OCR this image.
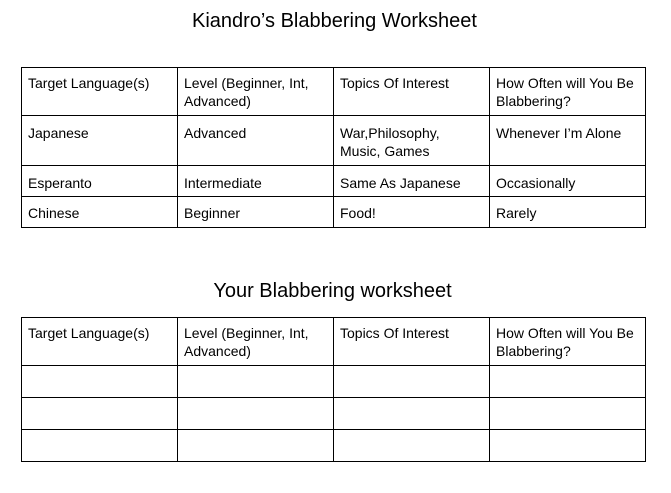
Kiandro’s Blabbering Worksheet
Target Language(s)	Level (Beginner, Int, Advanced)	Topics Of Interest	How Often will You Be Blabbering?
Japanese	Advanced	War,Philosophy, Music, Games	Whenever I’m Alone
Esperanto	Intermediate	Same As Japanese	Occasionally
Chinese	Beginner	Food!	Rarely
Your Blabbering worksheet
Target Language(s)	Level (Beginner, Int, Advanced)	Topics Of Interest	How Often will You Be Blabbering?
